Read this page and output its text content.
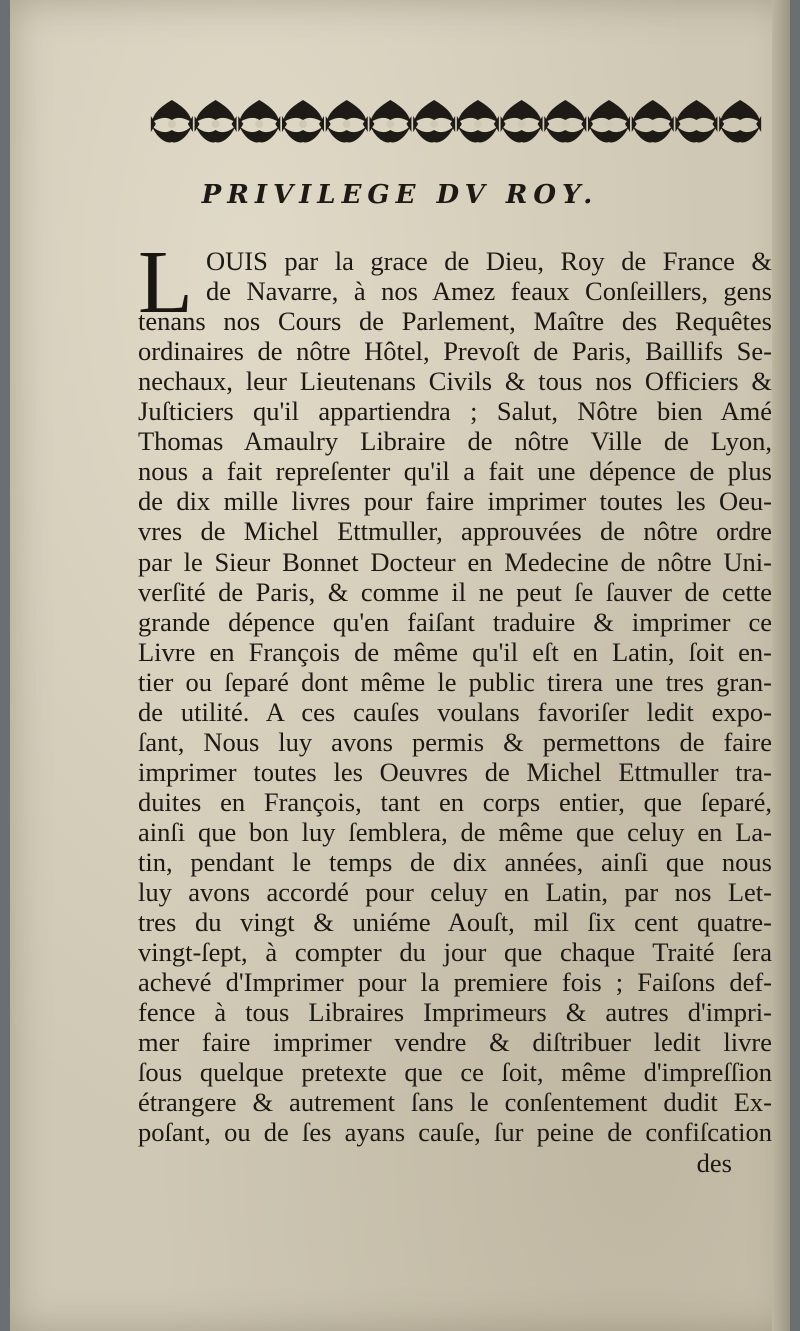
PRIVILEGE DV ROY.
L OUIS par la grace de Dieu, Roy de France &
de Navarre, à nos Amez feaux Conſeillers, gens
tenans nos Cours de Parlement, Maître des Requêtes
ordinaires de nôtre Hôtel, Prevoſt de Paris, Baillifs Se-
nechaux, leur Lieutenans Civils & tous nos Officiers &
Juſticiers qu'il appartiendra ; Salut, Nôtre bien Amé
Thomas Amaulry Libraire de nôtre Ville de Lyon,
nous a fait repreſenter qu'il a fait une dépence de plus
de dix mille livres pour faire imprimer toutes les Oeu-
vres de Michel Ettmuller, approuvées de nôtre ordre
par le Sieur Bonnet Docteur en Medecine de nôtre Uni-
verſité de Paris, & comme il ne peut ſe ſauver de cette
grande dépence qu'en faiſant traduire & imprimer ce
Livre en François de même qu'il eſt en Latin, ſoit en-
tier ou ſeparé dont même le public tirera une tres gran-
de utilité. A ces cauſes voulans favoriſer ledit expo-
ſant, Nous luy avons permis & permettons de faire
imprimer toutes les Oeuvres de Michel Ettmuller tra-
duites en François, tant en corps entier, que ſeparé,
ainſi que bon luy ſemblera, de même que celuy en La-
tin, pendant le temps de dix années, ainſi que nous
luy avons accordé pour celuy en Latin, par nos Let-
tres du vingt & uniéme Aouſt, mil ſix cent quatre-
vingt-ſept, à compter du jour que chaque Traité ſera
achevé d'Imprimer pour la premiere fois ; Faiſons def-
fence à tous Libraires Imprimeurs & autres d'impri-
mer faire imprimer vendre & diſtribuer ledit livre
ſous quelque pretexte que ce ſoit, même d'impreſſion
étrangere & autrement ſans le conſentement dudit Ex-
poſant, ou de ſes ayans cauſe, ſur peine de confiſcation
des
